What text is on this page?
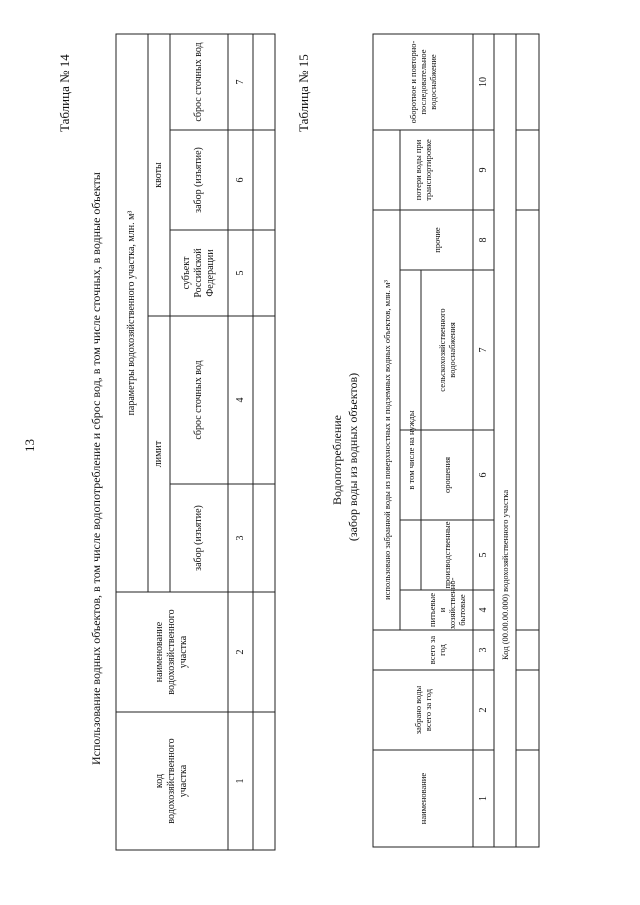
13
Таблица № 14
Использование водных объектов, в том числе водопотребление и сброс вод, в том числе сточных, в водные объекты
код водохозяйственного участка
наименование водохозяйственного участка
параметры водохозяйственного участка, млн. м³
лимит
квоты
забор (изъятие)
сброс сточных вод
субъект Российской Федерации
забор (изъятие)
сброс сточных вод
1
2
3
4
5
6
7	Таблица № 15
Водопотребление (забор воды из водных объектов)
наименование
забрано воды всего за год
использовано забранной воды из поверхностных и подземных водных объектов, млн. м³
всего за год
в том числе на нужды
питьевые и хозяйственно-бытовые
производственные
орошения
сельскохозяйственного водоснабжения
прочие
потери воды при транспортировке
оборотное и повторно-последовательное водоснабжение
1
2
3
4
5
6
7
8
9
10
Код (00.00.00.000) водохозяйственного участка
